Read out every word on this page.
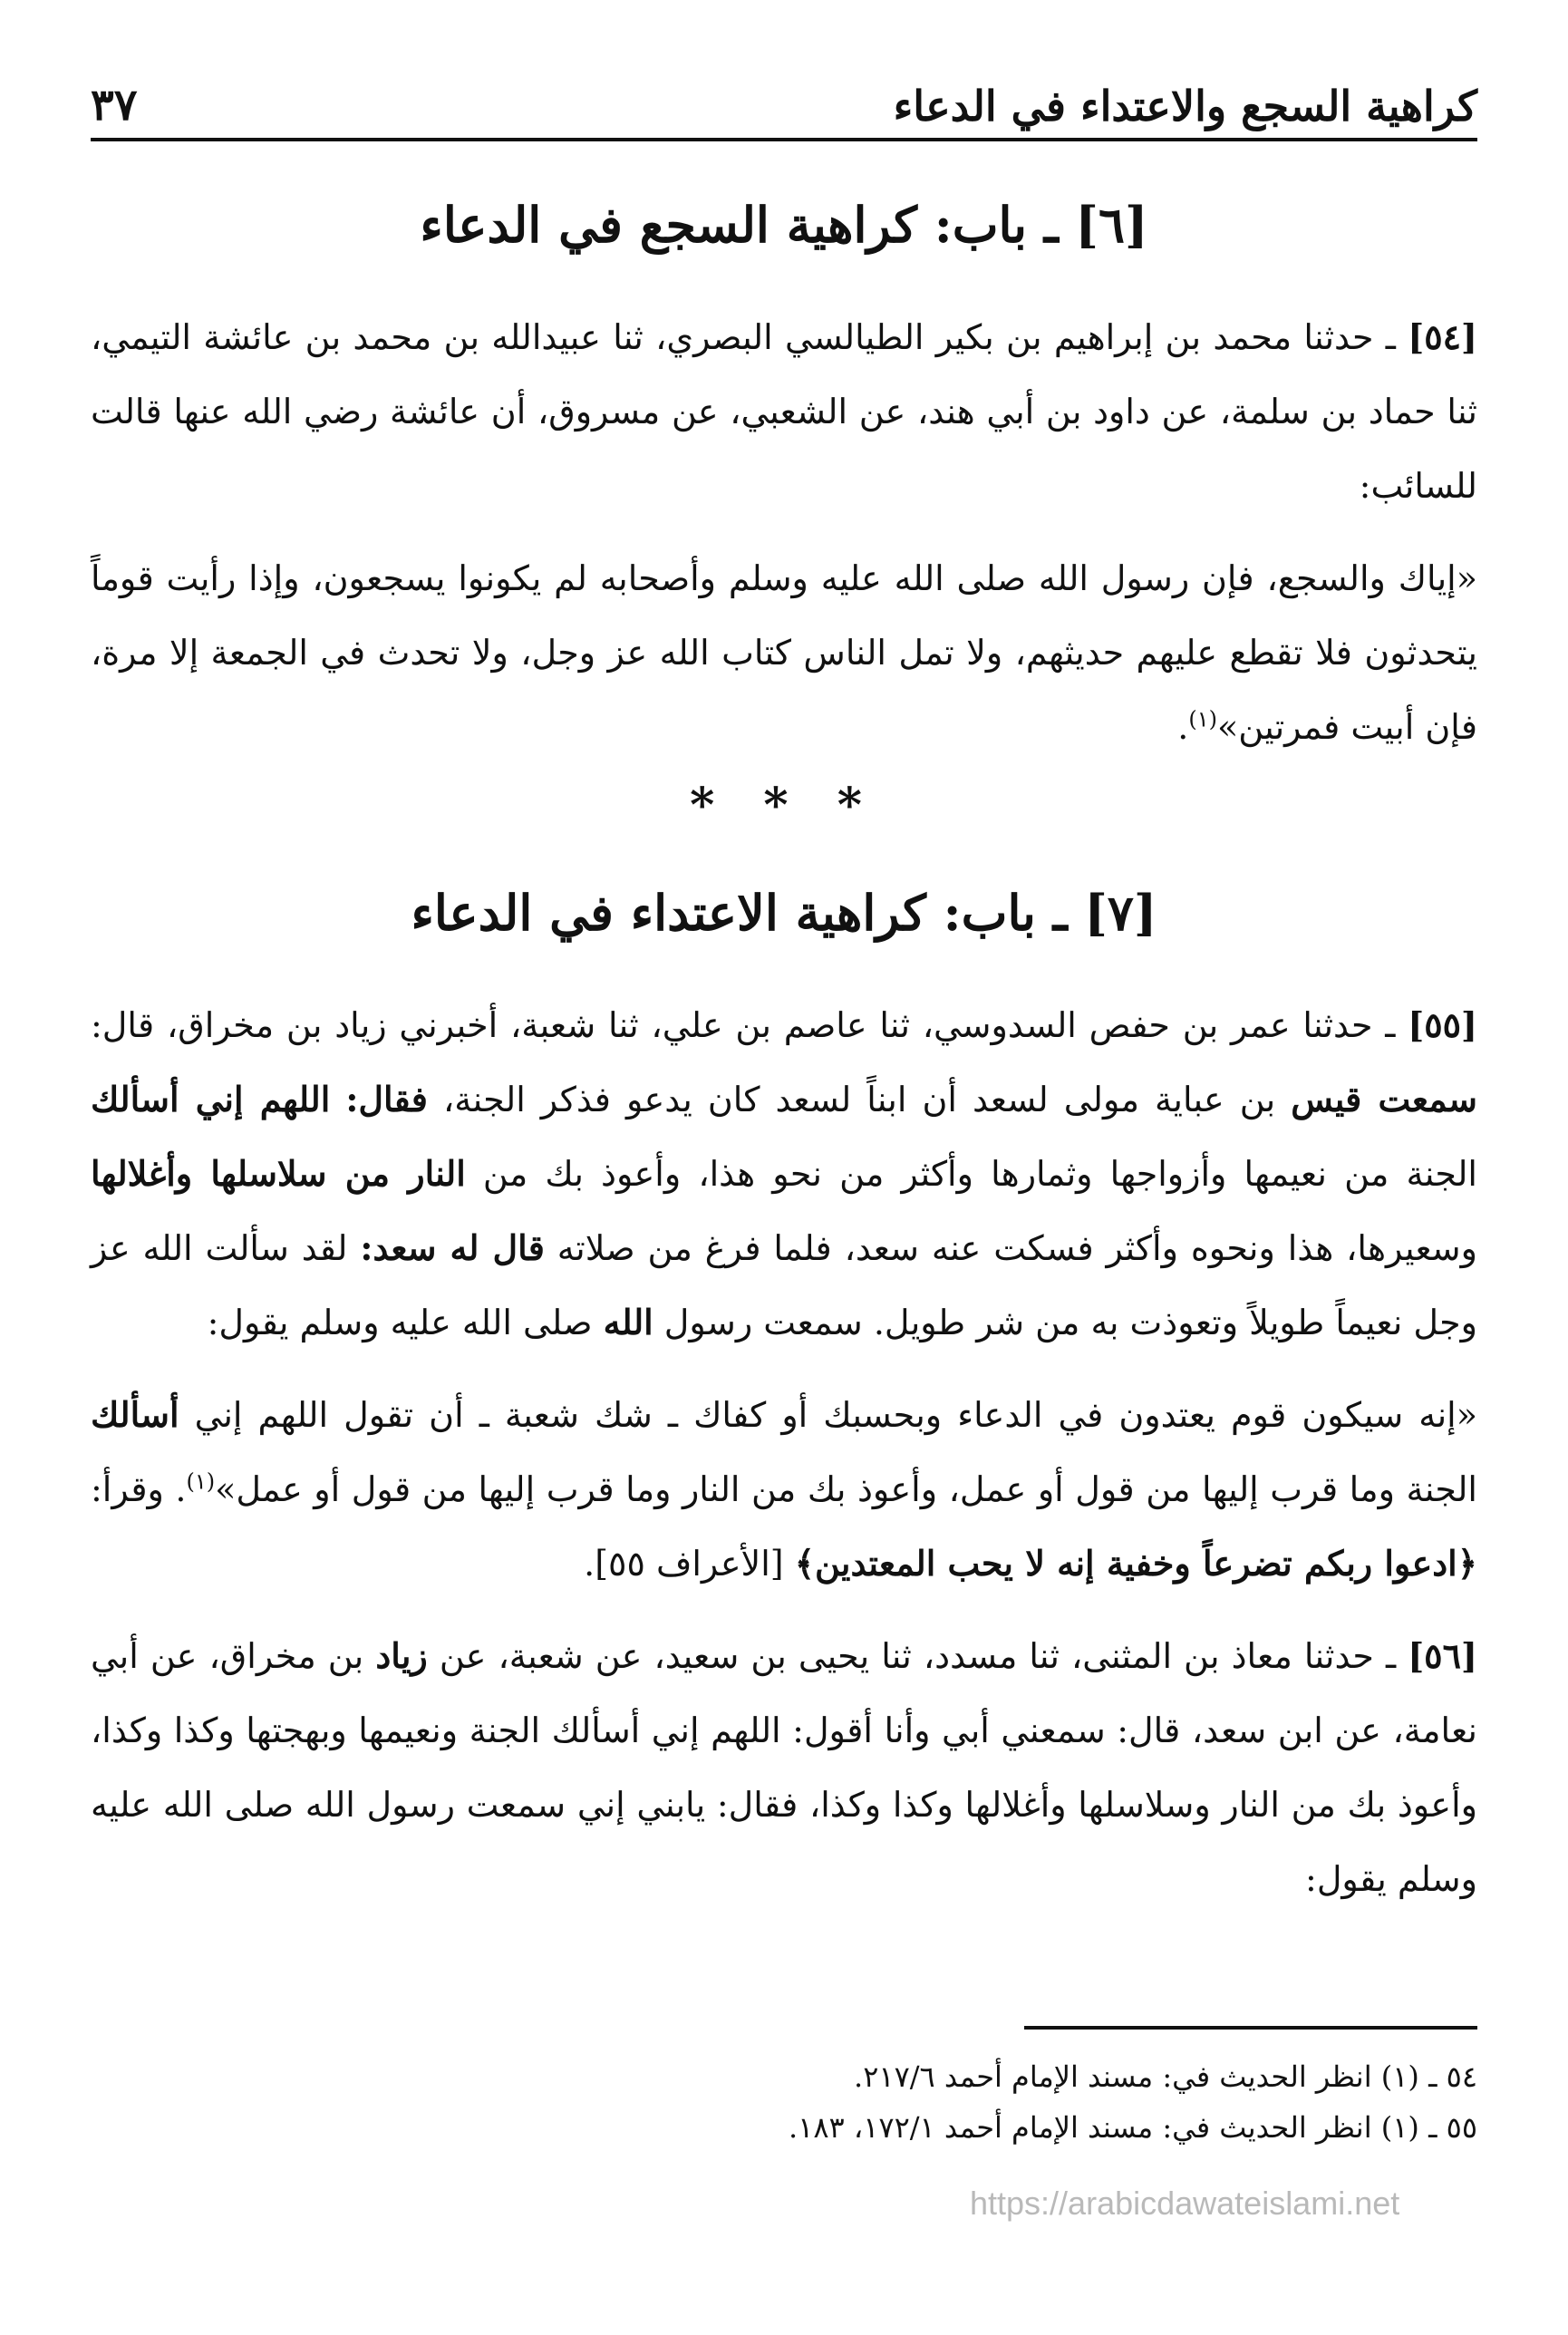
كراهية السجع والاعتداء في الدعاء
٣٧
[٦] ـ باب: كراهية السجع في الدعاء

[٥٤] ـ حدثنا محمد بن إبراهيم بن بكير الطيالسي البصري، ثنا عبيدالله بن محمد بن عائشة التيمي، ثنا حماد بن سلمة، عن داود بن أبي هند، عن الشعبي، عن مسروق، أن عائشة رضي الله عنها قالت للسائب:

«إياك والسجع، فإن رسول الله صلى الله عليه وسلم وأصحابه لم يكونوا يسجعون، وإذا رأيت قوماً يتحدثون فلا تقطع عليهم حديثهم، ولا تمل الناس كتاب الله عز وجل، ولا تحدث في الجمعة إلا مرة، فإن أبيت فمرتين»$^{(١)}$.

* * *
[٧] ـ باب: كراهية الاعتداء في الدعاء

[٥٥] ـ حدثنا عمر بن حفص السدوسي، ثنا عاصم بن علي، ثنا شعبة، أخبرني زياد بن مخراق، قال: سمعت قيس بن عباية مولى لسعد أن ابناً لسعد كان يدعو فذكر الجنة، فقال: اللهم إني أسألك الجنة من نعيمها وأزواجها وثمارها وأكثر من نحو هذا، وأعوذ بك من النار من سلاسلها وأغلالها وسعيرها، هذا ونحوه وأكثر فسكت عنه سعد، فلما فرغ من صلاته قال له سعد: لقد سألت الله عز وجل نعيماً طويلاً وتعوذت به من شر طويل. سمعت رسول الله صلى الله عليه وسلم يقول:

«إنه سيكون قوم يعتدون في الدعاء وبحسبك أو كفاك ـ شك شعبة ـ أن تقول اللهم إني أسألك الجنة وما قرب إليها من قول أو عمل، وأعوذ بك من النار وما قرب إليها من قول أو عمل»$^{(١)}$. وقرأ: ﴿ادعوا ربكم تضرعاً وخفية إنه لا يحب المعتدين﴾ [الأعراف ٥٥].

[٥٦] ـ حدثنا معاذ بن المثنى، ثنا مسدد، ثنا يحيى بن سعيد، عن شعبة، عن زياد بن مخراق، عن أبي نعامة، عن ابن سعد، قال: سمعني أبي وأنا أقول: اللهم إني أسألك الجنة ونعيمها وبهجتها وكذا وكذا، وأعوذ بك من النار وسلاسلها وأغلالها وكذا وكذا، فقال: يابني إني سمعت رسول الله صلى الله عليه وسلم يقول:

٥٤ ـ (١) انظر الحديث في: مسند الإمام أحمد ٢١٧/٦.

٥٥ ـ (١) انظر الحديث في: مسند الإمام أحمد ١٧٢/١، ١٨٣.

https://arabicdawateislami.net
